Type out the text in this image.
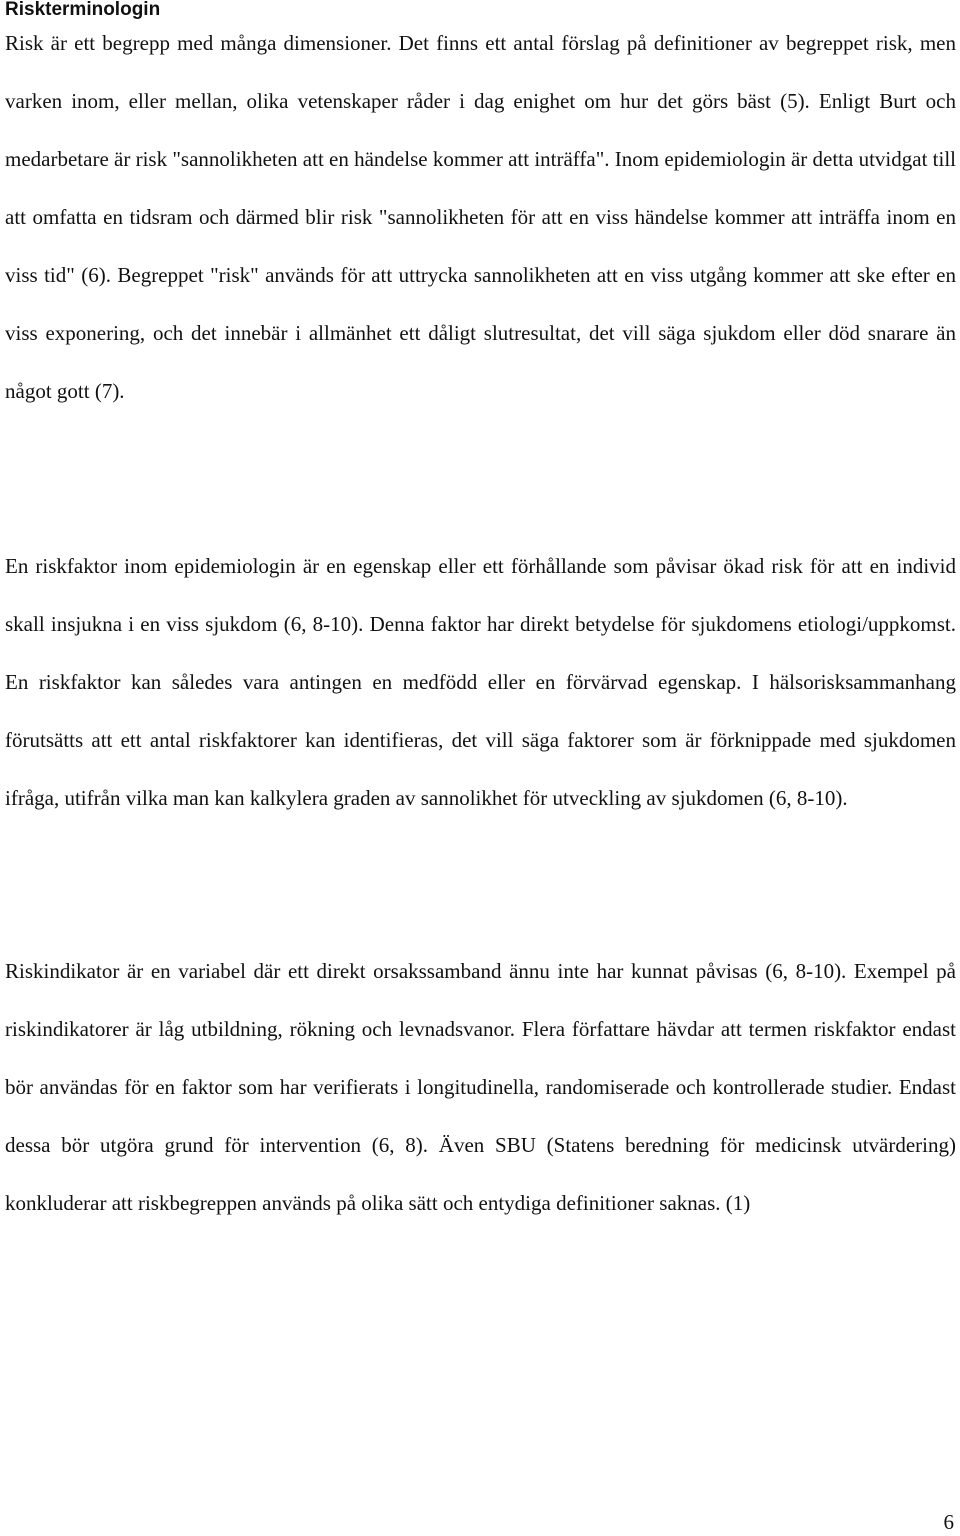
Riskterminologin

Risk är ett begrepp med många dimensioner. Det finns ett antal förslag på definitioner av begreppet risk, men varken inom, eller mellan, olika vetenskaper råder i dag enighet om hur det görs bäst (5). Enligt Burt och medarbetare är risk "sannolikheten att en händelse kommer att inträffa". Inom epidemiologin är detta utvidgat till att omfatta en tidsram och därmed blir risk "sannolikheten för att en viss händelse kommer att inträffa inom en viss tid" (6). Begreppet "risk" används för att uttrycka sannolikheten att en viss utgång kommer att ske efter en viss exponering, och det innebär i allmänhet ett dåligt slutresultat, det vill säga sjukdom eller död snarare än något gott (7).

En riskfaktor inom epidemiologin är en egenskap eller ett förhållande som påvisar ökad risk för att en individ skall insjukna i en viss sjukdom (6, 8-10). Denna faktor har direkt betydelse för sjukdomens etiologi/uppkomst. En riskfaktor kan således vara antingen en medfödd eller en förvärvad egenskap. I hälsorisksammanhang förutsätts att ett antal riskfaktorer kan identifieras, det vill säga faktorer som är förknippade med sjukdomen ifråga, utifrån vilka man kan kalkylera graden av sannolikhet för utveckling av sjukdomen (6, 8-10).

Riskindikator är en variabel där ett direkt orsakssamband ännu inte har kunnat påvisas (6, 8-10). Exempel på riskindikatorer är låg utbildning, rökning och levnadsvanor. Flera författare hävdar att termen riskfaktor endast bör användas för en faktor som har verifierats i longitudinella, randomiserade och kontrollerade studier. Endast dessa bör utgöra grund för intervention (6, 8). Även SBU (Statens beredning för medicinsk utvärdering) konkluderar att riskbegreppen används på olika sätt och entydiga definitioner saknas. (1)

6
